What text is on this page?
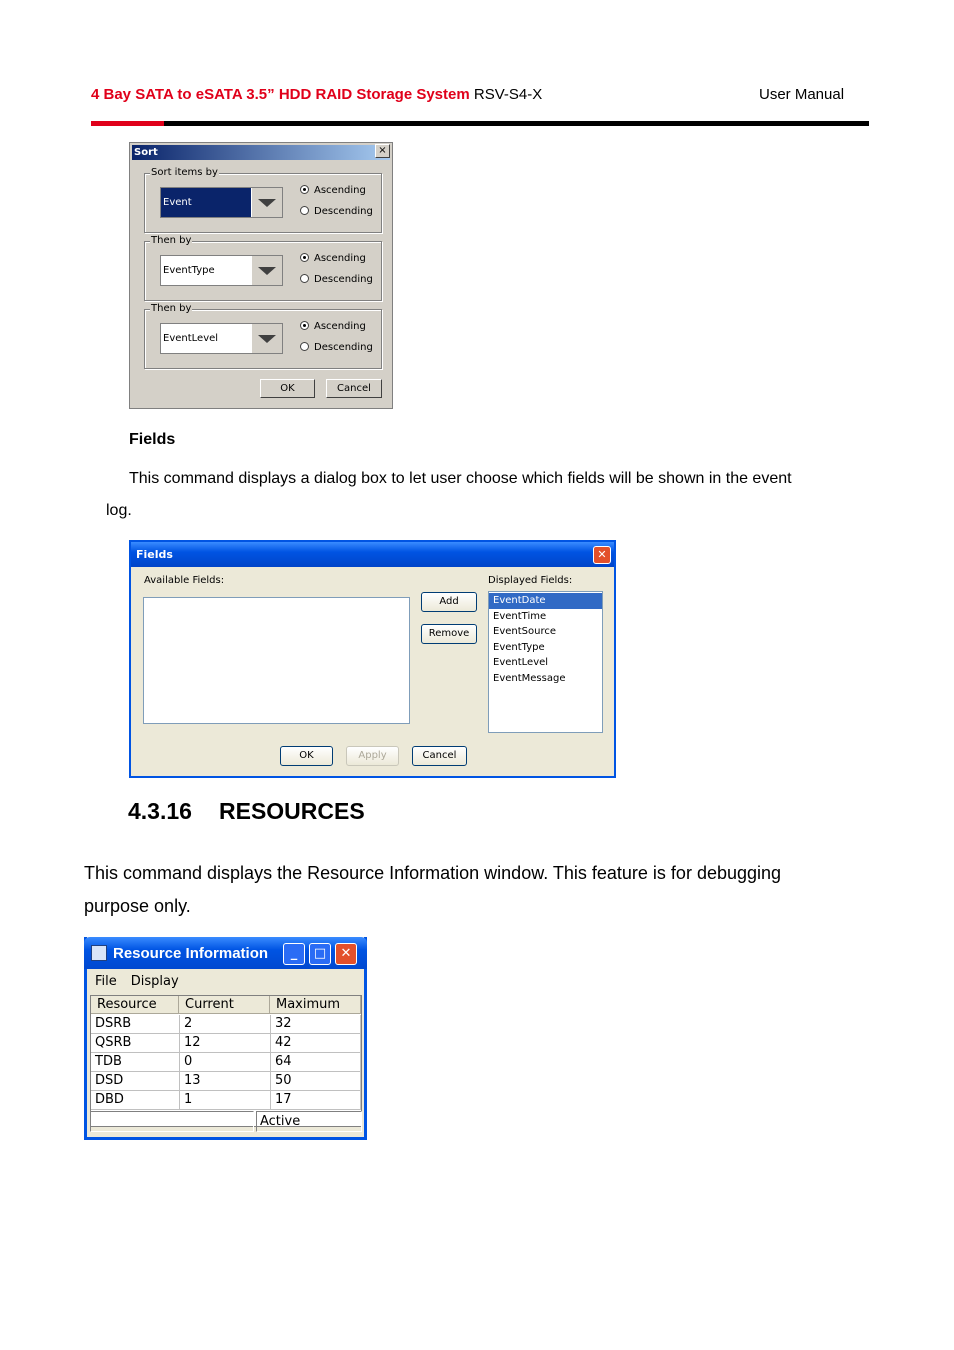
4 Bay SATA to eSATA 3.5” HDD RAID Storage System RSV-S4-X	User Manual
Sort	×
Sort items by
Event
Ascending
Descending
Then by
EventType
Ascending
Descending
Then by
EventLevel
Ascending
Descending
OK	Cancel
Fields
This command displays a dialog box to let user choose which fields will be shown in the event
log.
Fields	✕
Available Fields:	Displayed Fields:
Add
Remove
EventDate
EventTime
EventSource
EventType
EventLevel
EventMessage
OK	Apply	Cancel
4.3.16 RESOURCES
This command displays the Resource Information window. This feature is for debugging
purpose only.
Resource Information	_	□	✕
File Display
Resource	Current	Maximum
DSRB	2	32
QSRB	12	42
TDB	0	64
DSD	13	50
DBD	1	17
Active
